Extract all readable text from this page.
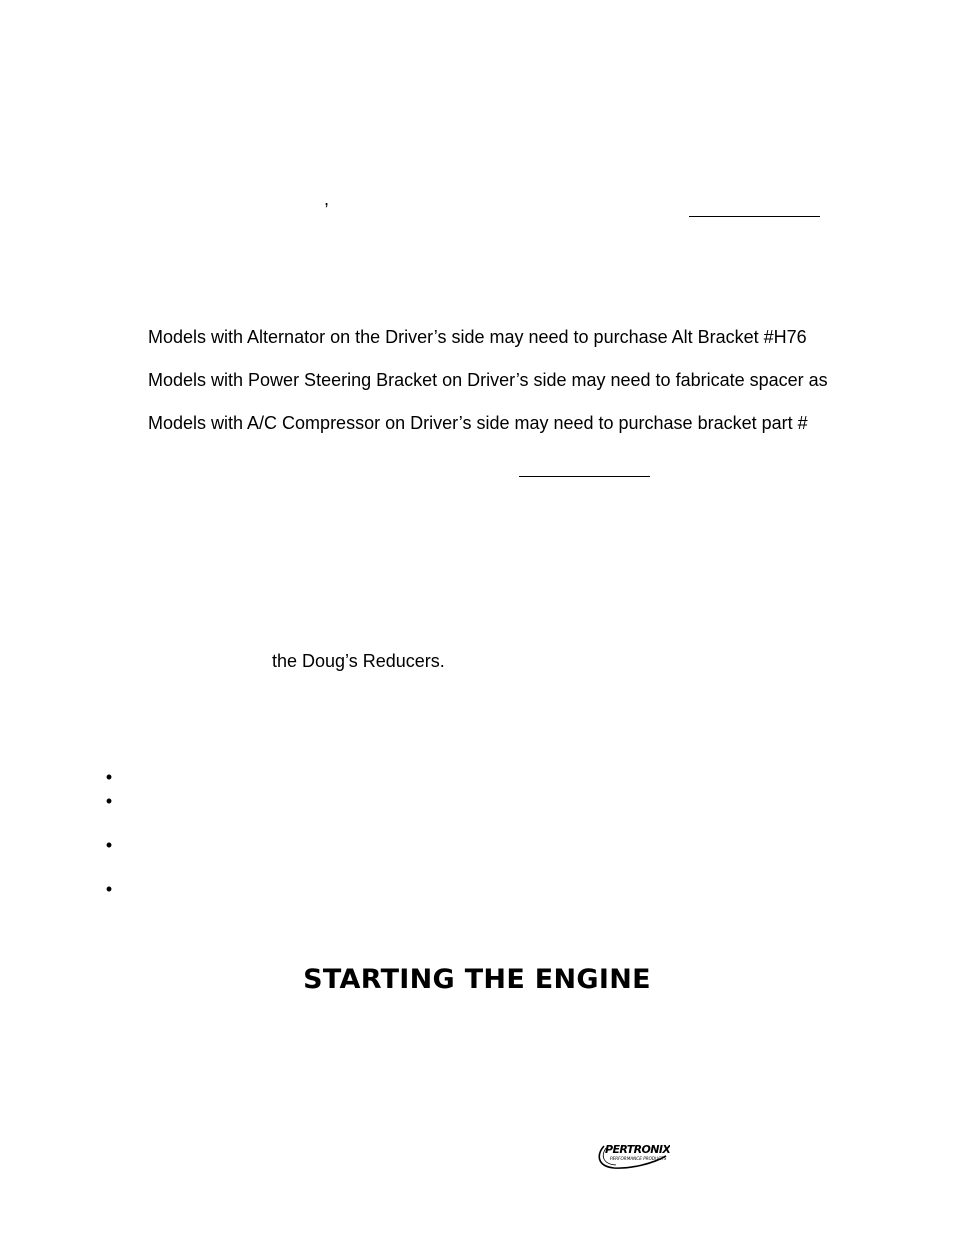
,
Models with Alternator on the Driver’s side may need to purchase Alt Bracket #H76
Models with Power Steering Bracket on Driver’s side may need to fabricate spacer as
Models with A/C Compressor on Driver’s side may need to purchase bracket part #
the Doug’s Reducers.
•
•
•
•
STARTING THE ENGINE
PERTRONIX
PERFORMANCE PRODUCTS
